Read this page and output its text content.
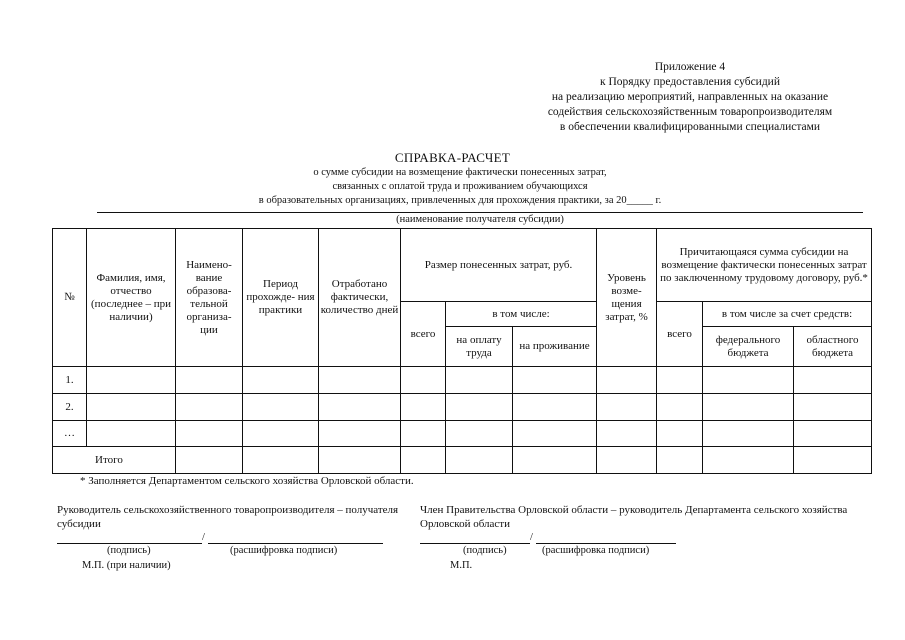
Приложение 4
к Порядку предоставления субсидий
на реализацию мероприятий, направленных на оказание
содействия сельскохозяйственным товаропроизводителям
в обеспечении квалифицированными специалистами
СПРАВКА-РАСЧЕТ
о сумме субсидии на возмещение фактически понесенных затрат,
связанных с оплатой труда и проживанием обучающихся
в образовательных организациях, привлеченных для прохождения практики, за 20_____ г.
(наименование получателя субсидии)
№	Фамилия, имя, отчество (последнее – при наличии)	Наимено- вание образова- тельной организа- ции	Период прохожде- ния практики	Отработано фактически, количество дней	Размер понесенных затрат, руб.			Уровень возме- щения затрат, %	Причитающаяся сумма субсидии на возмещение фактически понесенных затрат по заключенному трудовому договору, руб.*		
					всего	в том числе:			всего	в том числе за счет средств:	
						на оплату труда	на проживание			федерального бюджета	областного бюджета
1.											
2.											
…											
Итого											
* Заполняется Департаментом сельского хозяйства Орловской области.
Руководитель сельскохозяйственного товаропроизводителя – получателя субсидии
/
(подпись)	(расшифровка подписи)
М.П. (при наличии)
Член Правительства Орловской области – руководитель Департамента сельского хозяйства Орловской области
/
(подпись)	(расшифровка подписи)
М.П.
